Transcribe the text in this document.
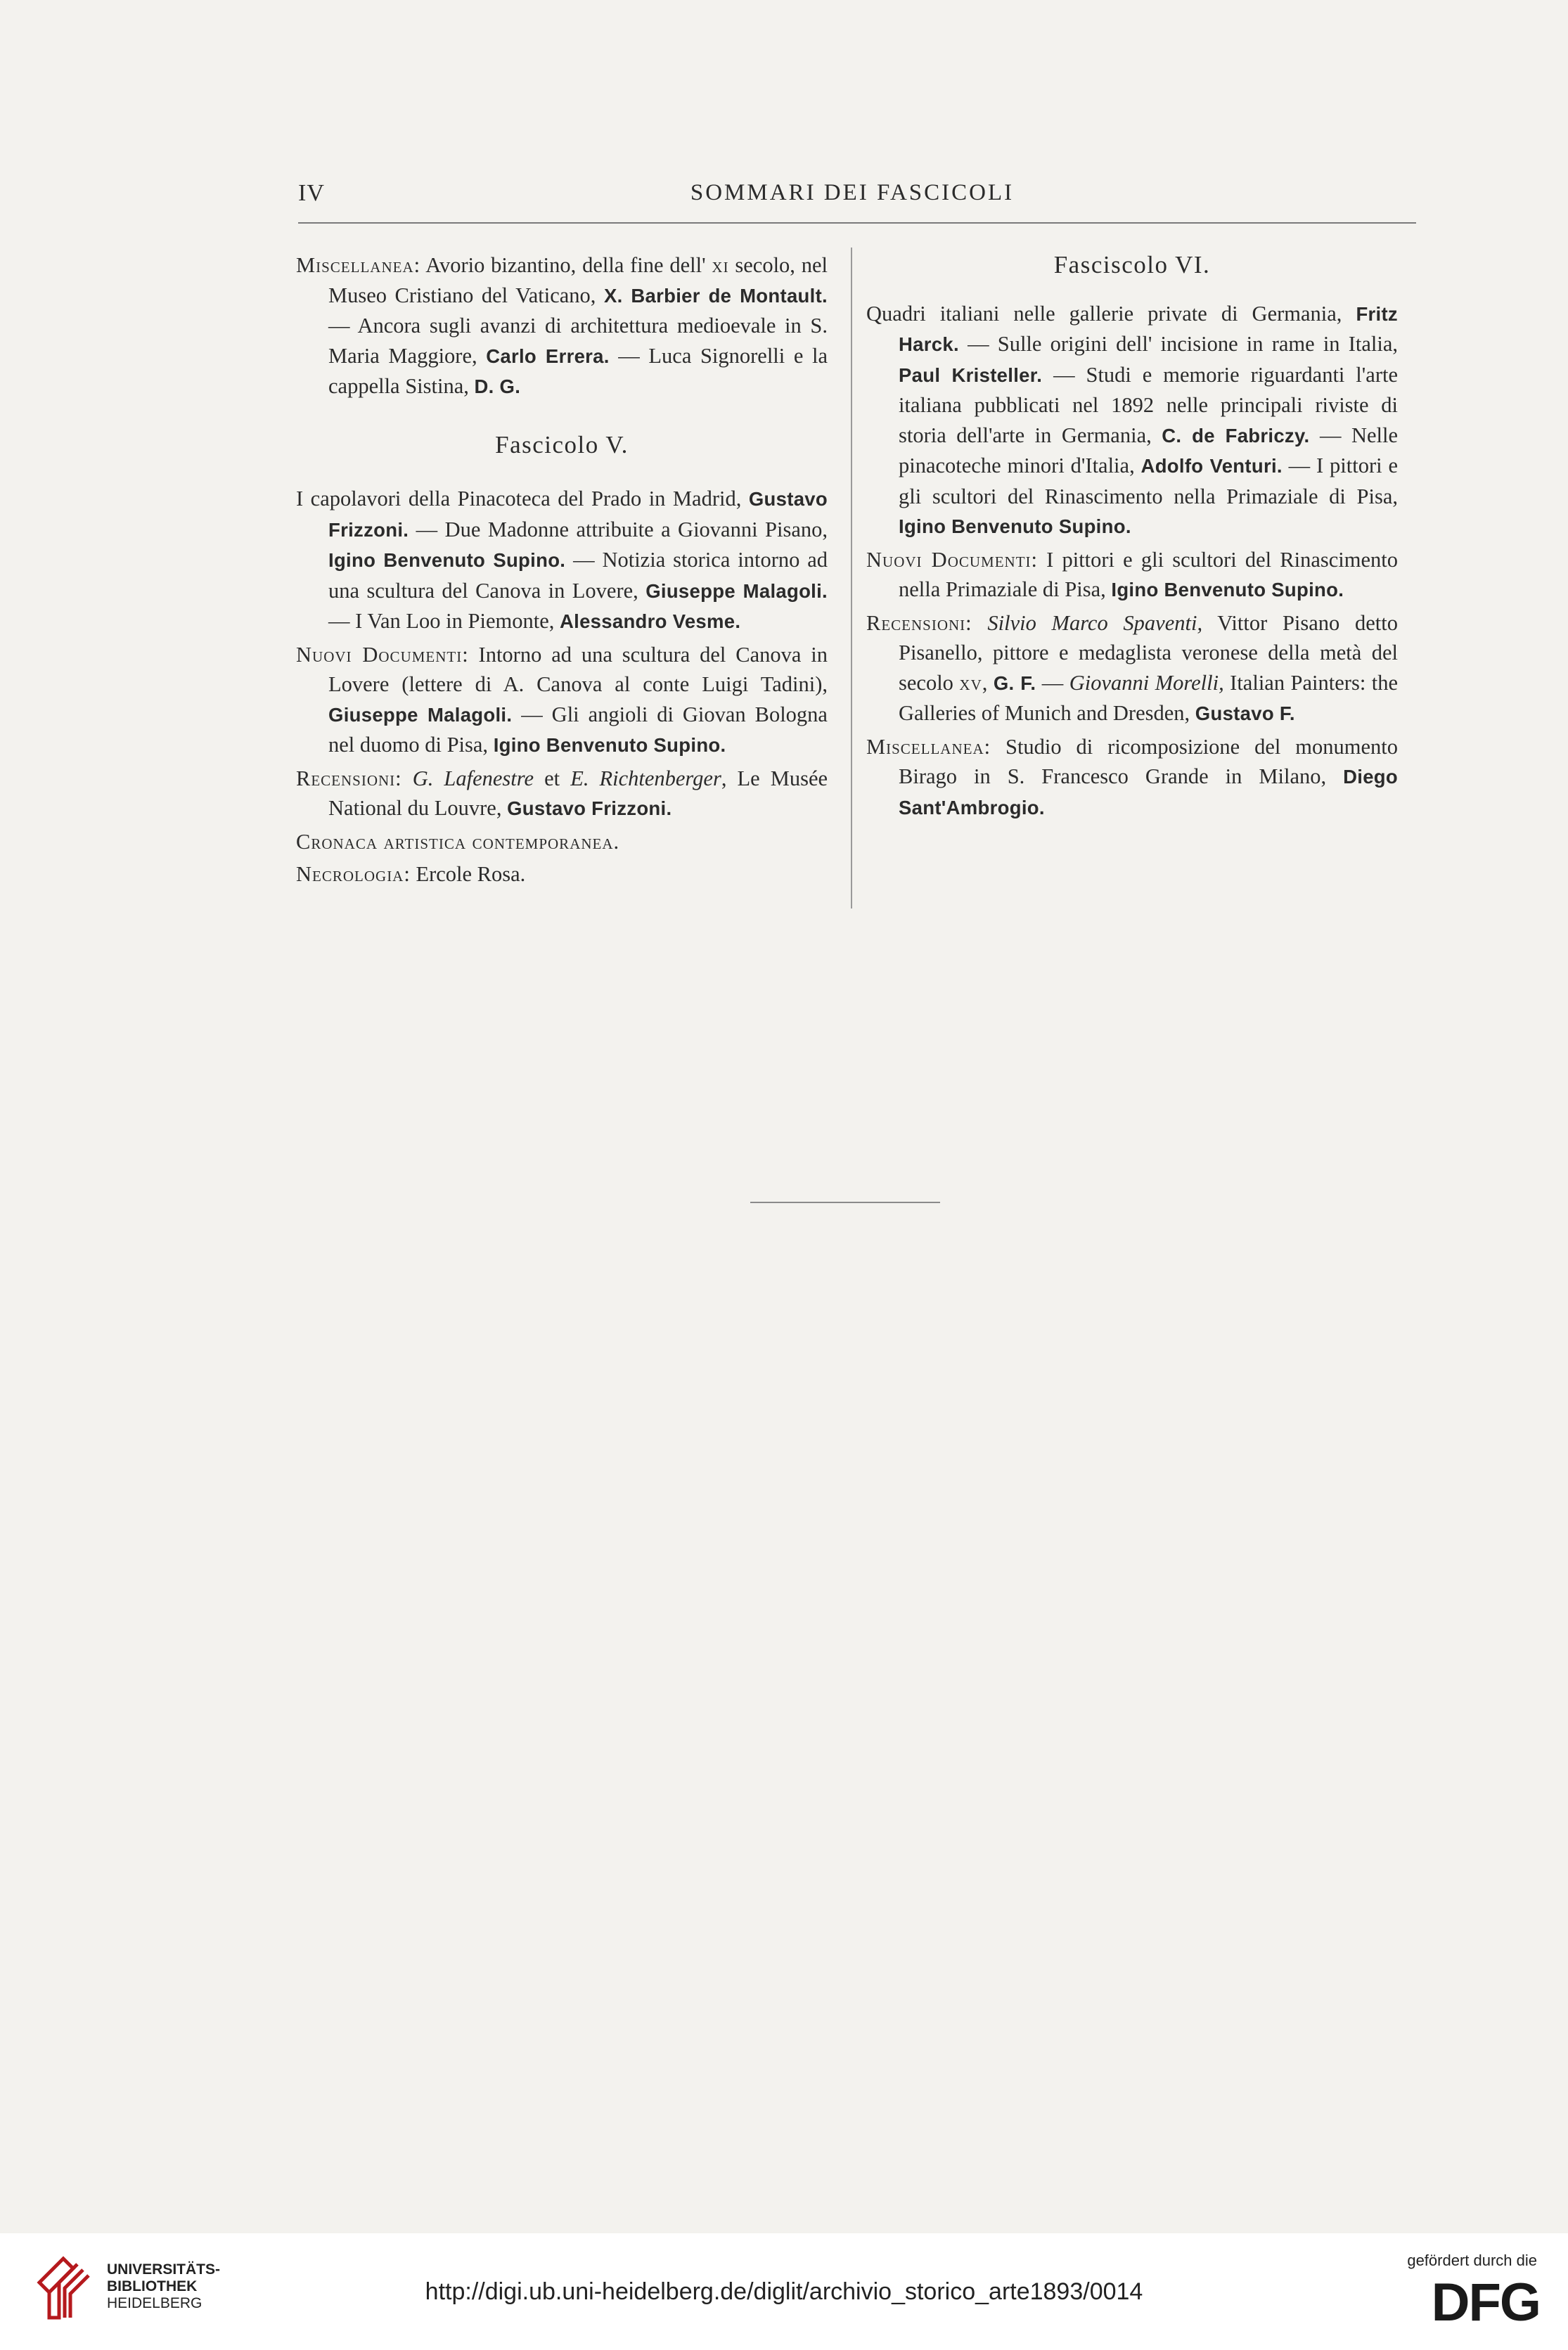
IV	SOMMARI DEI FASCICOLI

Miscellanea: Avorio bizantino, della fine dell' xi secolo, nel Museo Cristiano del Vaticano, X. Barbier de Montault. — Ancora sugli avanzi di architettura medioevale in S. Maria Maggiore, Carlo Errera. — Luca Signorelli e la cappella Sistina, D. G.

Fascicolo V.

I capolavori della Pinacoteca del Prado in Madrid, Gustavo Frizzoni. — Due Madonne attribuite a Giovanni Pisano, Igino Benvenuto Supino. — Notizia storica intorno ad una scultura del Canova in Lovere, Giuseppe Malagoli. — I Van Loo in Piemonte, Alessandro Vesme.

Nuovi Documenti: Intorno ad una scultura del Canova in Lovere (lettere di A. Canova al conte Luigi Tadini), Giuseppe Malagoli. — Gli angioli di Giovan Bologna nel duomo di Pisa, Igino Benvenuto Supino.

Recensioni: G. Lafenestre et E. Richtenberger, Le Musée National du Louvre, Gustavo Frizzoni.

Cronaca artistica contemporanea.

Necrologia: Ercole Rosa.

Fasciscolo VI.

Quadri italiani nelle gallerie private di Germania, Fritz Harck. — Sulle origini dell' incisione in rame in Italia, Paul Kristeller. — Studi e memorie riguardanti l'arte italiana pubblicati nel 1892 nelle principali riviste di storia dell'arte in Germania, C. de Fabriczy. — Nelle pinacoteche minori d'Italia, Adolfo Venturi. — I pittori e gli scultori del Rinascimento nella Primaziale di Pisa, Igino Benvenuto Supino.

Nuovi Documenti: I pittori e gli scultori del Rinascimento nella Primaziale di Pisa, Igino Benvenuto Supino.

Recensioni: Silvio Marco Spaventi, Vittor Pisano detto Pisanello, pittore e medaglista veronese della metà del secolo xv, G. F. — Giovanni Morelli, Italian Painters: the Galleries of Munich and Dresden, Gustavo F.

Miscellanea: Studio di ricomposizione del monumento Birago in S. Francesco Grande in Milano, Diego Sant'Ambrogio.

UNIVERSITÄTS-
BIBLIOTHEK
HEIDELBERG	http://digi.ub.uni-heidelberg.de/diglit/archivio_storico_arte1893/0014
gefördert durch die
DFG
